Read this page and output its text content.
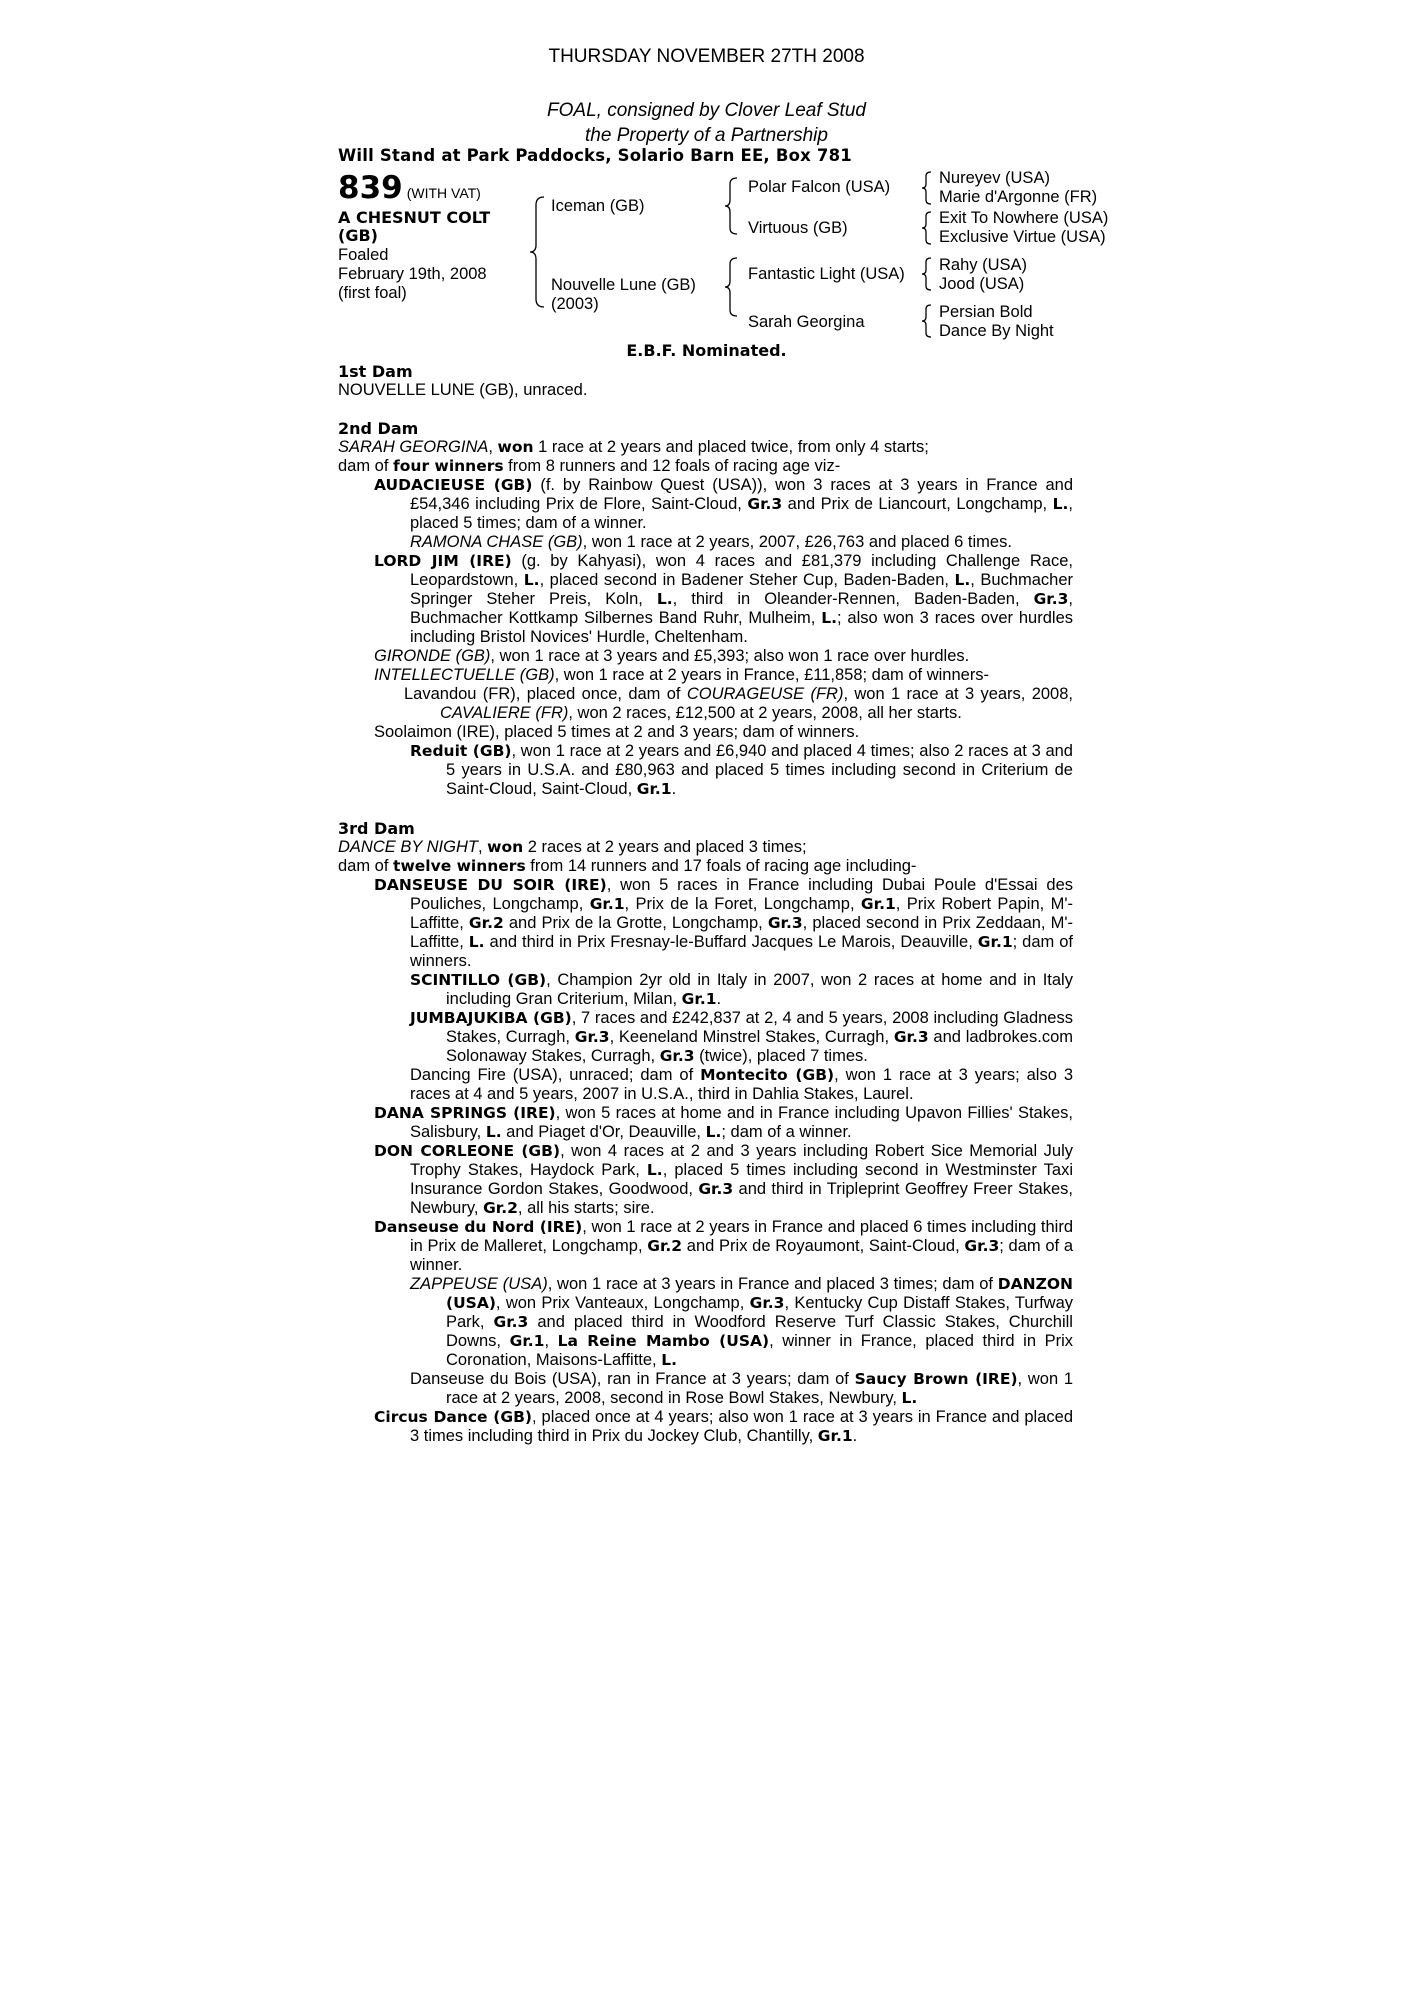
THURSDAY NOVEMBER 27TH 2008
FOAL, consigned by Clover Leaf Stud
the Property of a Partnership
Will Stand at Park Paddocks, Solario Barn EE, Box 781
839 (WITH VAT)
A CHESNUT COLT
(GB)
Foaled
February 19th, 2008
(first foal)
Iceman (GB)
Nouvelle Lune (GB)
(2003)
Polar Falcon (USA)
Virtuous (GB)
Fantastic Light (USA)
Sarah Georgina
Nureyev (USA)
Marie d'Argonne (FR)
Exit To Nowhere (USA)
Exclusive Virtue (USA)
Rahy (USA)
Jood (USA)
Persian Bold
Dance By Night
E.B.F. Nominated.
1st Dam

NOUVELLE LUNE (GB), unraced.

2nd Dam

SARAH GEORGINA, won 1 race at 2 years and placed twice, from only 4 starts;

dam of four winners from 8 runners and 12 foals of racing age viz-

AUDACIEUSE (GB) (f. by Rainbow Quest (USA)), won 3 races at 3 years in France and £54,346 including Prix de Flore, Saint-Cloud, Gr.3 and Prix de Liancourt, Longchamp, L., placed 5 times; dam of a winner.

RAMONA CHASE (GB), won 1 race at 2 years, 2007, £26,763 and placed 6 times.

LORD JIM (IRE) (g. by Kahyasi), won 4 races and £81,379 including Challenge Race, Leopardstown, L., placed second in Badener Steher Cup, Baden-Baden, L., Buchmacher Springer Steher Preis, Koln, L., third in Oleander-Rennen, Baden-Baden, Gr.3, Buchmacher Kottkamp Silbernes Band Ruhr, Mulheim, L.; also won 3 races over hurdles including Bristol Novices' Hurdle, Cheltenham.

GIRONDE (GB), won 1 race at 3 years and £5,393; also won 1 race over hurdles.

INTELLECTUELLE (GB), won 1 race at 2 years in France, £11,858; dam of winners-

Lavandou (FR), placed once, dam of COURAGEUSE (FR), won 1 race at 3 years, 2008, CAVALIERE (FR), won 2 races, £12,500 at 2 years, 2008, all her starts.

Soolaimon (IRE), placed 5 times at 2 and 3 years; dam of winners.

Reduit (GB), won 1 race at 2 years and £6,940 and placed 4 times; also 2 races at 3 and 5 years in U.S.A. and £80,963 and placed 5 times including second in Criterium de Saint-Cloud, Saint-Cloud, Gr.1.

3rd Dam

DANCE BY NIGHT, won 2 races at 2 years and placed 3 times;

dam of twelve winners from 14 runners and 17 foals of racing age including-

DANSEUSE DU SOIR (IRE), won 5 races in France including Dubai Poule d'Essai des Pouliches, Longchamp, Gr.1, Prix de la Foret, Longchamp, Gr.1, Prix Robert Papin, M'-Laffitte, Gr.2 and Prix de la Grotte, Longchamp, Gr.3, placed second in Prix Zeddaan, M'-Laffitte, L. and third in Prix Fresnay-le-Buffard Jacques Le Marois, Deauville, Gr.1; dam of winners.

SCINTILLO (GB), Champion 2yr old in Italy in 2007, won 2 races at home and in Italy including Gran Criterium, Milan, Gr.1.

JUMBAJUKIBA (GB), 7 races and £242,837 at 2, 4 and 5 years, 2008 including Gladness Stakes, Curragh, Gr.3, Keeneland Minstrel Stakes, Curragh, Gr.3 and ladbrokes.com Solonaway Stakes, Curragh, Gr.3 (twice), placed 7 times.

Dancing Fire (USA), unraced; dam of Montecito (GB), won 1 race at 3 years; also 3 races at 4 and 5 years, 2007 in U.S.A., third in Dahlia Stakes, Laurel.

DANA SPRINGS (IRE), won 5 races at home and in France including Upavon Fillies' Stakes, Salisbury, L. and Piaget d'Or, Deauville, L.; dam of a winner.

DON CORLEONE (GB), won 4 races at 2 and 3 years including Robert Sice Memorial July Trophy Stakes, Haydock Park, L., placed 5 times including second in Westminster Taxi Insurance Gordon Stakes, Goodwood, Gr.3 and third in Tripleprint Geoffrey Freer Stakes, Newbury, Gr.2, all his starts; sire.

Danseuse du Nord (IRE), won 1 race at 2 years in France and placed 6 times including third in Prix de Malleret, Longchamp, Gr.2 and Prix de Royaumont, Saint-Cloud, Gr.3; dam of a winner.

ZAPPEUSE (USA), won 1 race at 3 years in France and placed 3 times; dam of DANZON (USA), won Prix Vanteaux, Longchamp, Gr.3, Kentucky Cup Distaff Stakes, Turfway Park, Gr.3 and placed third in Woodford Reserve Turf Classic Stakes, Churchill Downs, Gr.1, La Reine Mambo (USA), winner in France, placed third in Prix Coronation, Maisons-Laffitte, L.

Danseuse du Bois (USA), ran in France at 3 years; dam of Saucy Brown (IRE), won 1 race at 2 years, 2008, second in Rose Bowl Stakes, Newbury, L.

Circus Dance (GB), placed once at 4 years; also won 1 race at 3 years in France and placed 3 times including third in Prix du Jockey Club, Chantilly, Gr.1.
